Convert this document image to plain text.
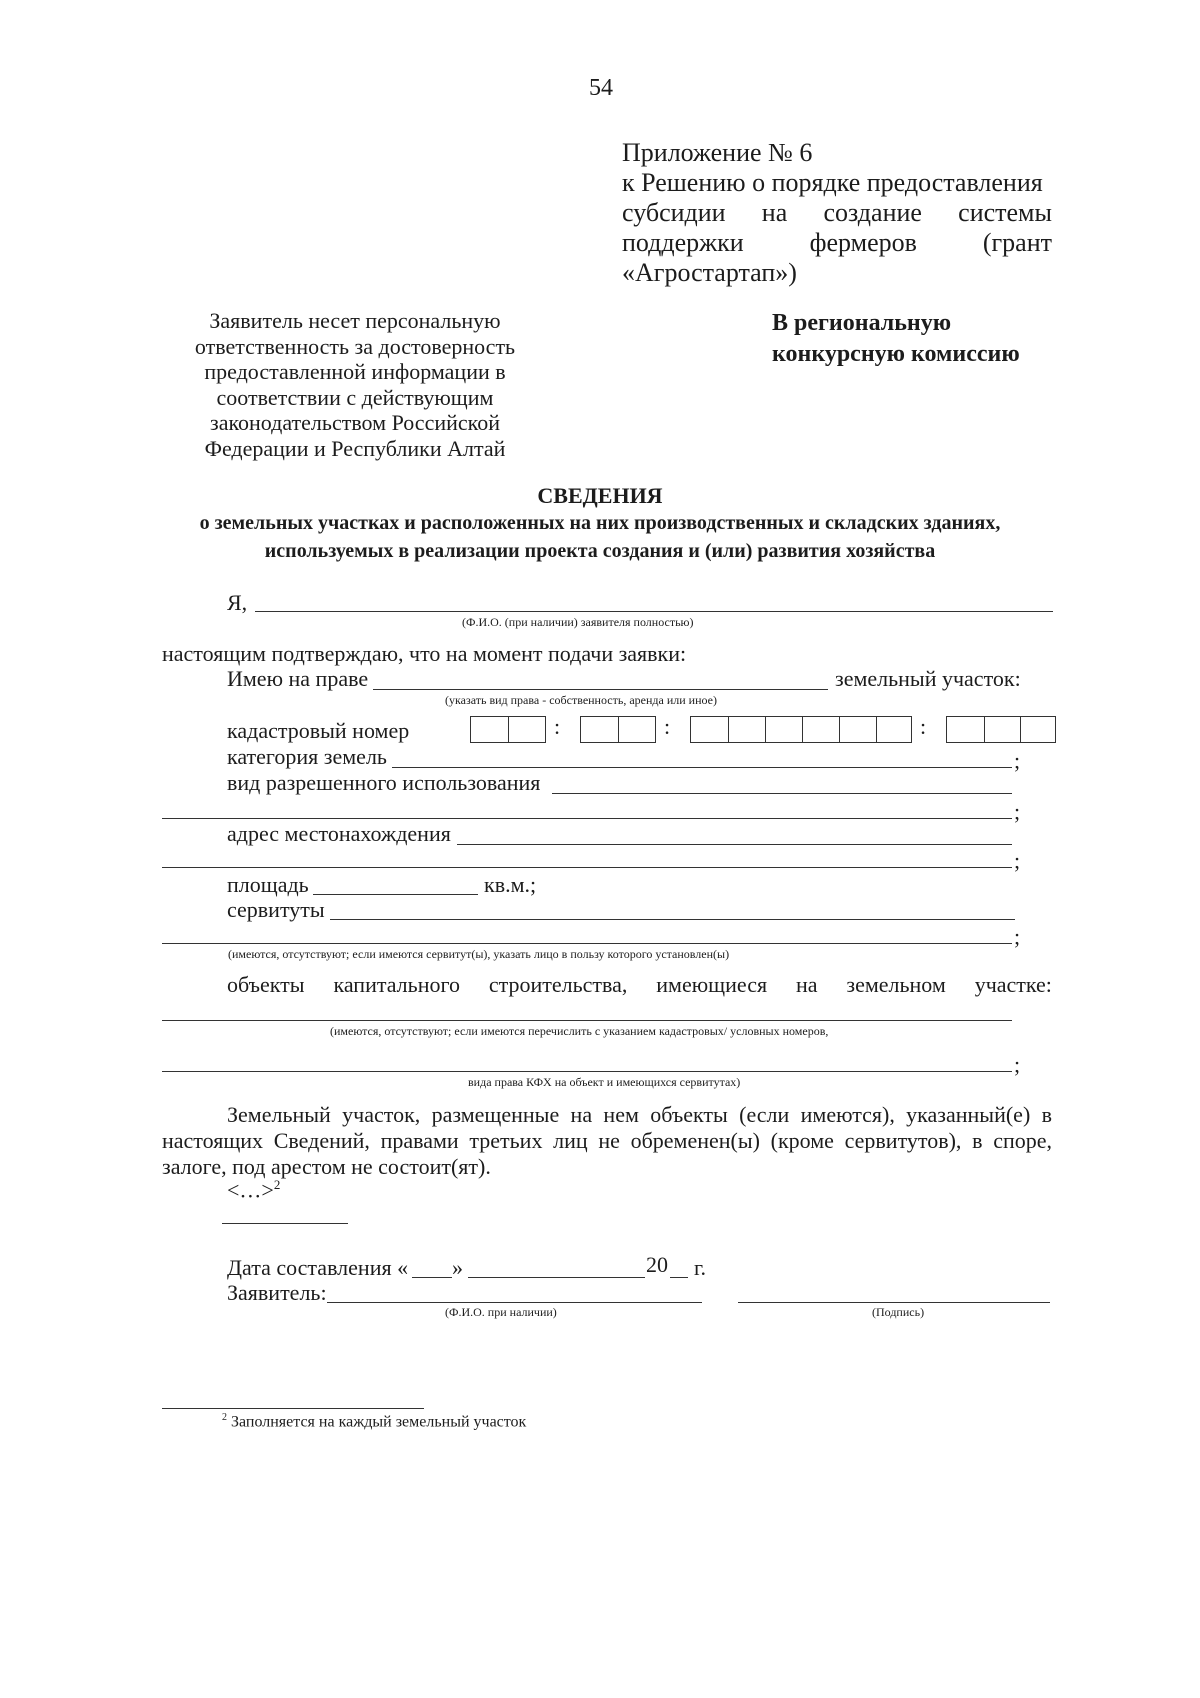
54
Приложение № 6
к Решению о порядке предоставления
субсидии на создание системы
поддержки	фермеров	(грант
«Агростартап»)
Заявитель несет персональную
ответственность за достоверность
предоставленной информации в
соответствии с действующим
законодательством Российской
Федерации и Республики Алтай
В региональную
конкурсную комиссию
СВЕДЕНИЯ
о земельных участках и расположенных на них производственных и складских зданиях,
используемых в реализации проекта создания и (или) развития хозяйства
Я,
(Ф.И.О. (при наличии) заявителя полностью)
настоящим подтверждаю, что на момент подачи заявки:
Имею на праве	земельный участок:
(указать вид права - собственность, аренда или иное)
кадастровый номер	:	:	:
категория земель	;
вид разрешенного использования
;
адрес местонахождения
;
площадь	кв.м.;
сервитуты
;
(имеются, отсутствуют; если имеются сервитут(ы), указать лицо в пользу которого установлен(ы)
объекты капитального строительства, имеющиеся на земельном участке:
(имеются, отсутствуют; если имеются перечислить с указанием кадастровых/ условных номеров,
;
вида права КФХ на объект и имеющихся сервитутах)
Земельный участок, размещенные на нем объекты (если имеются), указанный(е) в
настоящих Сведений, правами третьих лиц не обременен(ы) (кроме сервитутов), в споре,
залоге, под арестом не состоит(ят).
<…>$^2$
Дата составления « »	20 г.
Заявитель:
(Ф.И.О. при наличии)	(Подпись)
$^2$ Заполняется на каждый земельный участок
